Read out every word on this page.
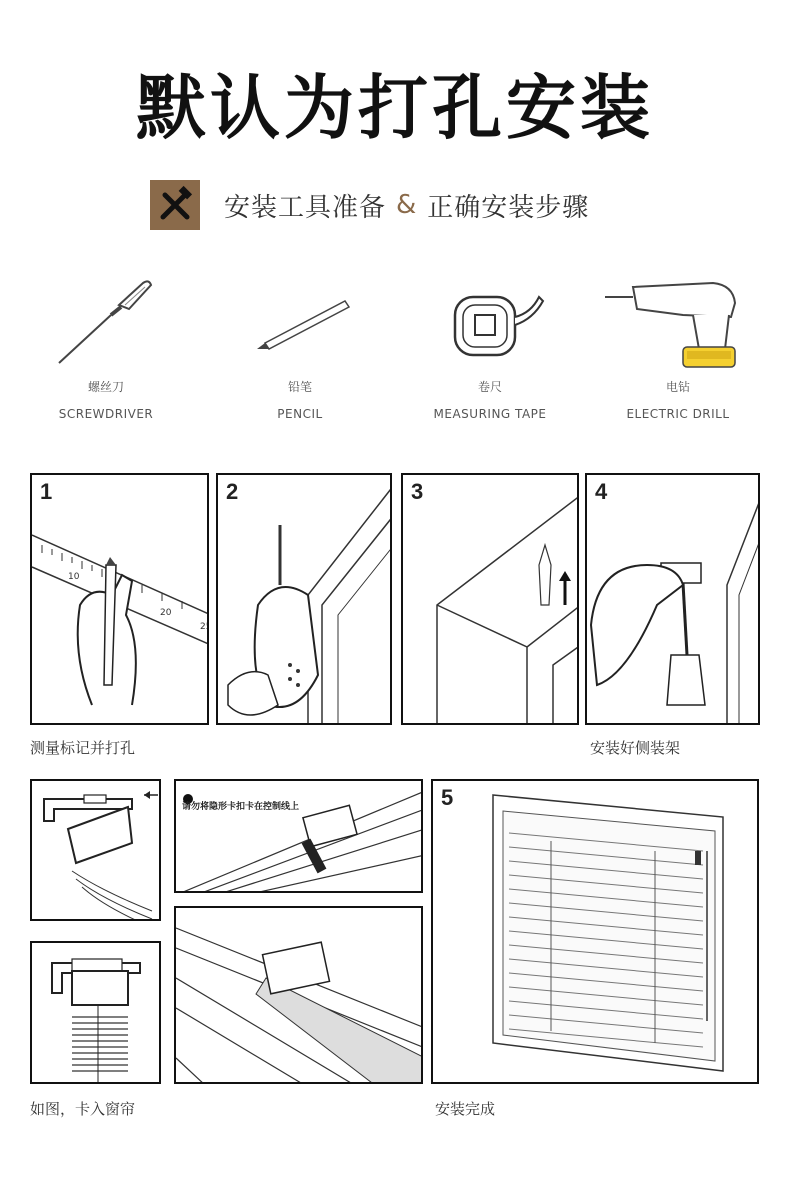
默认为打孔安装
安装工具准备 & 正确安装步骤
螺丝刀
SCREWDRIVER
铅笔
PENCIL
卷尺
MEASURING TAPE
电钻
ELECTRIC DRILL
1
10
20
25
2	3	4
测量标记并打孔	安装好侧装架
请勿将隐形卡扣卡在控制线上	5
如图，卡入窗帘	安装完成
